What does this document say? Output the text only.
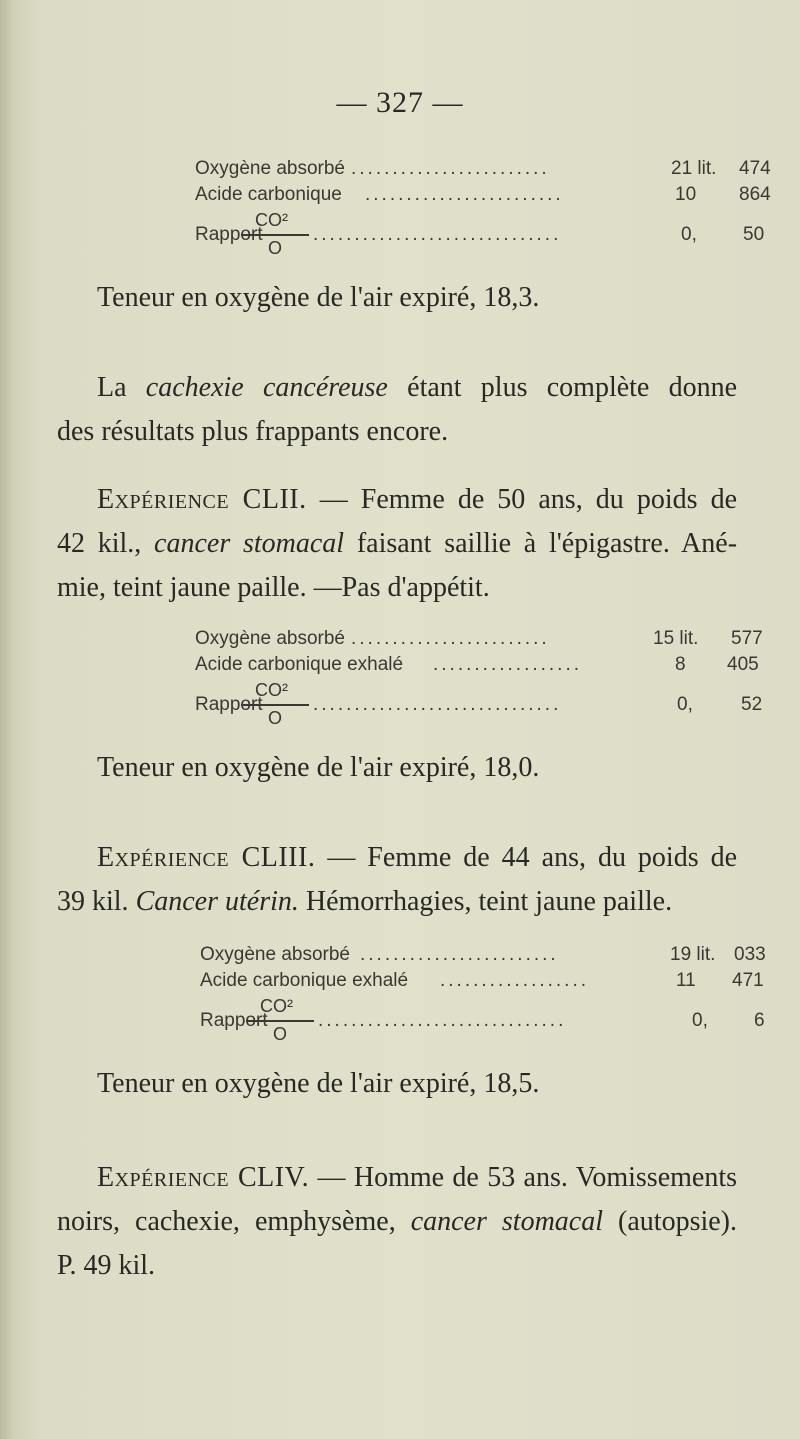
— 327 —
Oxygène absorbé ........................	21 lit. 474
Acide carbonique ........................	10 864
CO²
O
Rapport	..............................	0, 50
Teneur en oxygène de l'air expiré, 18,3.
La cachexie cancéreuse étant plus complète donne
des résultats plus frappants encore.
Expérience CLII. — Femme de 50 ans, du poids de
42 kil., cancer stomacal faisant saillie à l'épigastre. Ané-
mie, teint jaune paille. —Pas d'appétit.
Oxygène absorbé ........................	15 lit. 577
Acide carbonique exhalé ..................	8 405
CO²
O
Rapport	..............................	0,	52
Teneur en oxygène de l'air expiré, 18,0.
Expérience CLIII. — Femme de 44 ans, du poids de
39 kil. Cancer utérin. Hémorrhagies, teint jaune paille.
Oxygène absorbé ........................	19 lit. 033
Acide carbonique exhalé ..................	11 471
CO²
O
Rapport	..............................	0, 6
Teneur en oxygène de l'air expiré, 18,5.
Expérience CLIV. — Homme de 53 ans. Vomissements
noirs, cachexie, emphysème, cancer stomacal (autopsie).
P. 49 kil.
